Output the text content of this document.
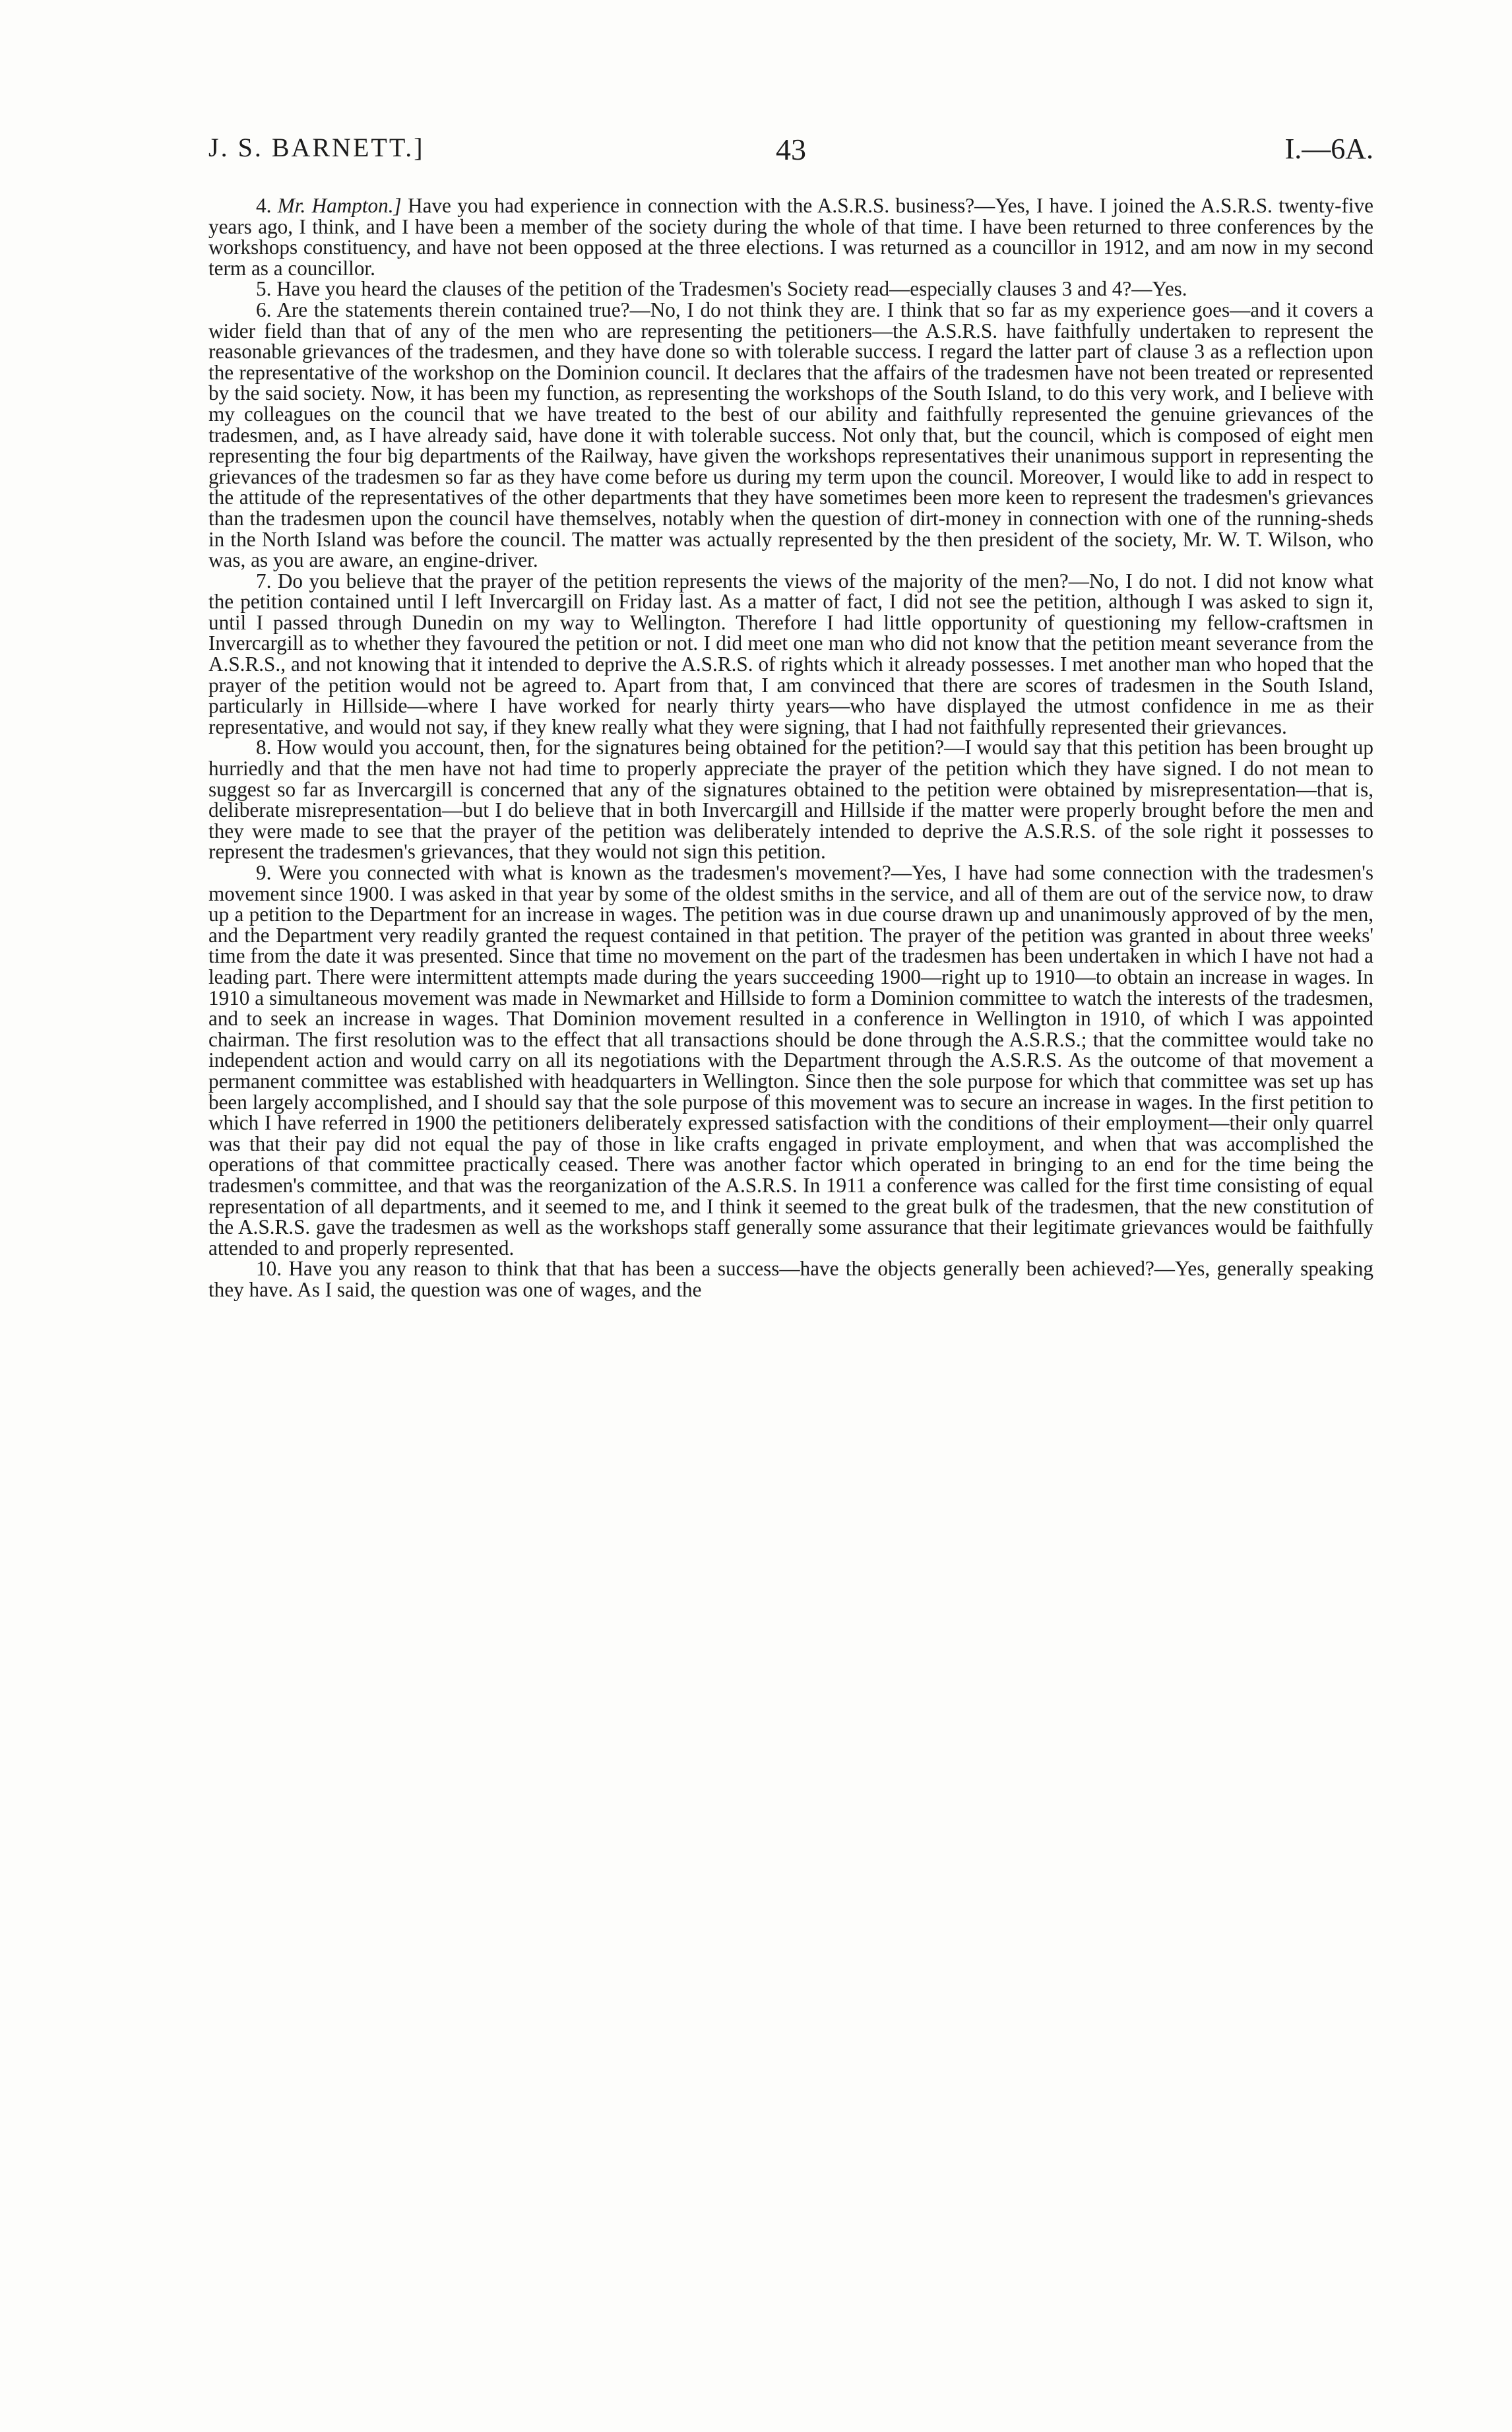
J. S. BARNETT.]	43	I.—6A.

4. Mr. Hampton.] Have you had experience in connection with the A.S.R.S. business?—Yes, I have. I joined the A.S.R.S. twenty-five years ago, I think, and I have been a member of the society during the whole of that time. I have been returned to three conferences by the workshops constituency, and have not been opposed at the three elections. I was returned as a councillor in 1912, and am now in my second term as a councillor.

5. Have you heard the clauses of the petition of the Tradesmen's Society read—especially clauses 3 and 4?—Yes.

6. Are the statements therein contained true?—No, I do not think they are. I think that so far as my experience goes—and it covers a wider field than that of any of the men who are representing the petitioners—the A.S.R.S. have faithfully undertaken to represent the reasonable grievances of the tradesmen, and they have done so with tolerable success. I regard the latter part of clause 3 as a reflection upon the representative of the workshop on the Dominion council. It declares that the affairs of the tradesmen have not been treated or represented by the said society. Now, it has been my function, as representing the workshops of the South Island, to do this very work, and I believe with my colleagues on the council that we have treated to the best of our ability and faithfully represented the genuine grievances of the tradesmen, and, as I have already said, have done it with tolerable success. Not only that, but the council, which is composed of eight men representing the four big departments of the Railway, have given the workshops representatives their unanimous support in representing the grievances of the tradesmen so far as they have come before us during my term upon the council. Moreover, I would like to add in respect to the attitude of the representatives of the other departments that they have sometimes been more keen to represent the tradesmen's grievances than the tradesmen upon the council have themselves, notably when the question of dirt-money in connection with one of the running-sheds in the North Island was before the council. The matter was actually represented by the then president of the society, Mr. W. T. Wilson, who was, as you are aware, an engine-driver.

7. Do you believe that the prayer of the petition represents the views of the majority of the men?—No, I do not. I did not know what the petition contained until I left Invercargill on Friday last. As a matter of fact, I did not see the petition, although I was asked to sign it, until I passed through Dunedin on my way to Wellington. Therefore I had little opportunity of questioning my fellow-craftsmen in Invercargill as to whether they favoured the petition or not. I did meet one man who did not know that the petition meant severance from the A.S.R.S., and not knowing that it intended to deprive the A.S.R.S. of rights which it already possesses. I met another man who hoped that the prayer of the petition would not be agreed to. Apart from that, I am convinced that there are scores of tradesmen in the South Island, particularly in Hillside—where I have worked for nearly thirty years—who have displayed the utmost confidence in me as their representative, and would not say, if they knew really what they were signing, that I had not faithfully represented their grievances.

8. How would you account, then, for the signatures being obtained for the petition?—I would say that this petition has been brought up hurriedly and that the men have not had time to properly appreciate the prayer of the petition which they have signed. I do not mean to suggest so far as Invercargill is concerned that any of the signatures obtained to the petition were obtained by misrepresentation—that is, deliberate misrepresentation—but I do believe that in both Invercargill and Hillside if the matter were properly brought before the men and they were made to see that the prayer of the petition was deliberately intended to deprive the A.S.R.S. of the sole right it possesses to represent the tradesmen's grievances, that they would not sign this petition.

9. Were you connected with what is known as the tradesmen's movement?—Yes, I have had some connection with the tradesmen's movement since 1900. I was asked in that year by some of the oldest smiths in the service, and all of them are out of the service now, to draw up a petition to the Department for an increase in wages. The petition was in due course drawn up and unanimously approved of by the men, and the Department very readily granted the request contained in that petition. The prayer of the petition was granted in about three weeks' time from the date it was presented. Since that time no movement on the part of the tradesmen has been undertaken in which I have not had a leading part. There were intermittent attempts made during the years succeeding 1900—right up to 1910—to obtain an increase in wages. In 1910 a simultaneous movement was made in Newmarket and Hillside to form a Dominion committee to watch the interests of the tradesmen, and to seek an increase in wages. That Dominion movement resulted in a conference in Wellington in 1910, of which I was appointed chairman. The first resolution was to the effect that all transactions should be done through the A.S.R.S.; that the committee would take no independent action and would carry on all its negotiations with the Department through the A.S.R.S. As the outcome of that movement a permanent committee was established with headquarters in Wellington. Since then the sole purpose for which that committee was set up has been largely accomplished, and I should say that the sole purpose of this movement was to secure an increase in wages. In the first petition to which I have referred in 1900 the petitioners deliberately expressed satisfaction with the conditions of their employment—their only quarrel was that their pay did not equal the pay of those in like crafts engaged in private employment, and when that was accomplished the operations of that committee practically ceased. There was another factor which operated in bringing to an end for the time being the tradesmen's committee, and that was the reorganization of the A.S.R.S. In 1911 a conference was called for the first time consisting of equal representation of all departments, and it seemed to me, and I think it seemed to the great bulk of the tradesmen, that the new constitution of the A.S.R.S. gave the tradesmen as well as the workshops staff generally some assurance that their legitimate grievances would be faithfully attended to and properly represented.

10. Have you any reason to think that that has been a success—have the objects generally been achieved?—Yes, generally speaking they have. As I said, the question was one of wages, and the
